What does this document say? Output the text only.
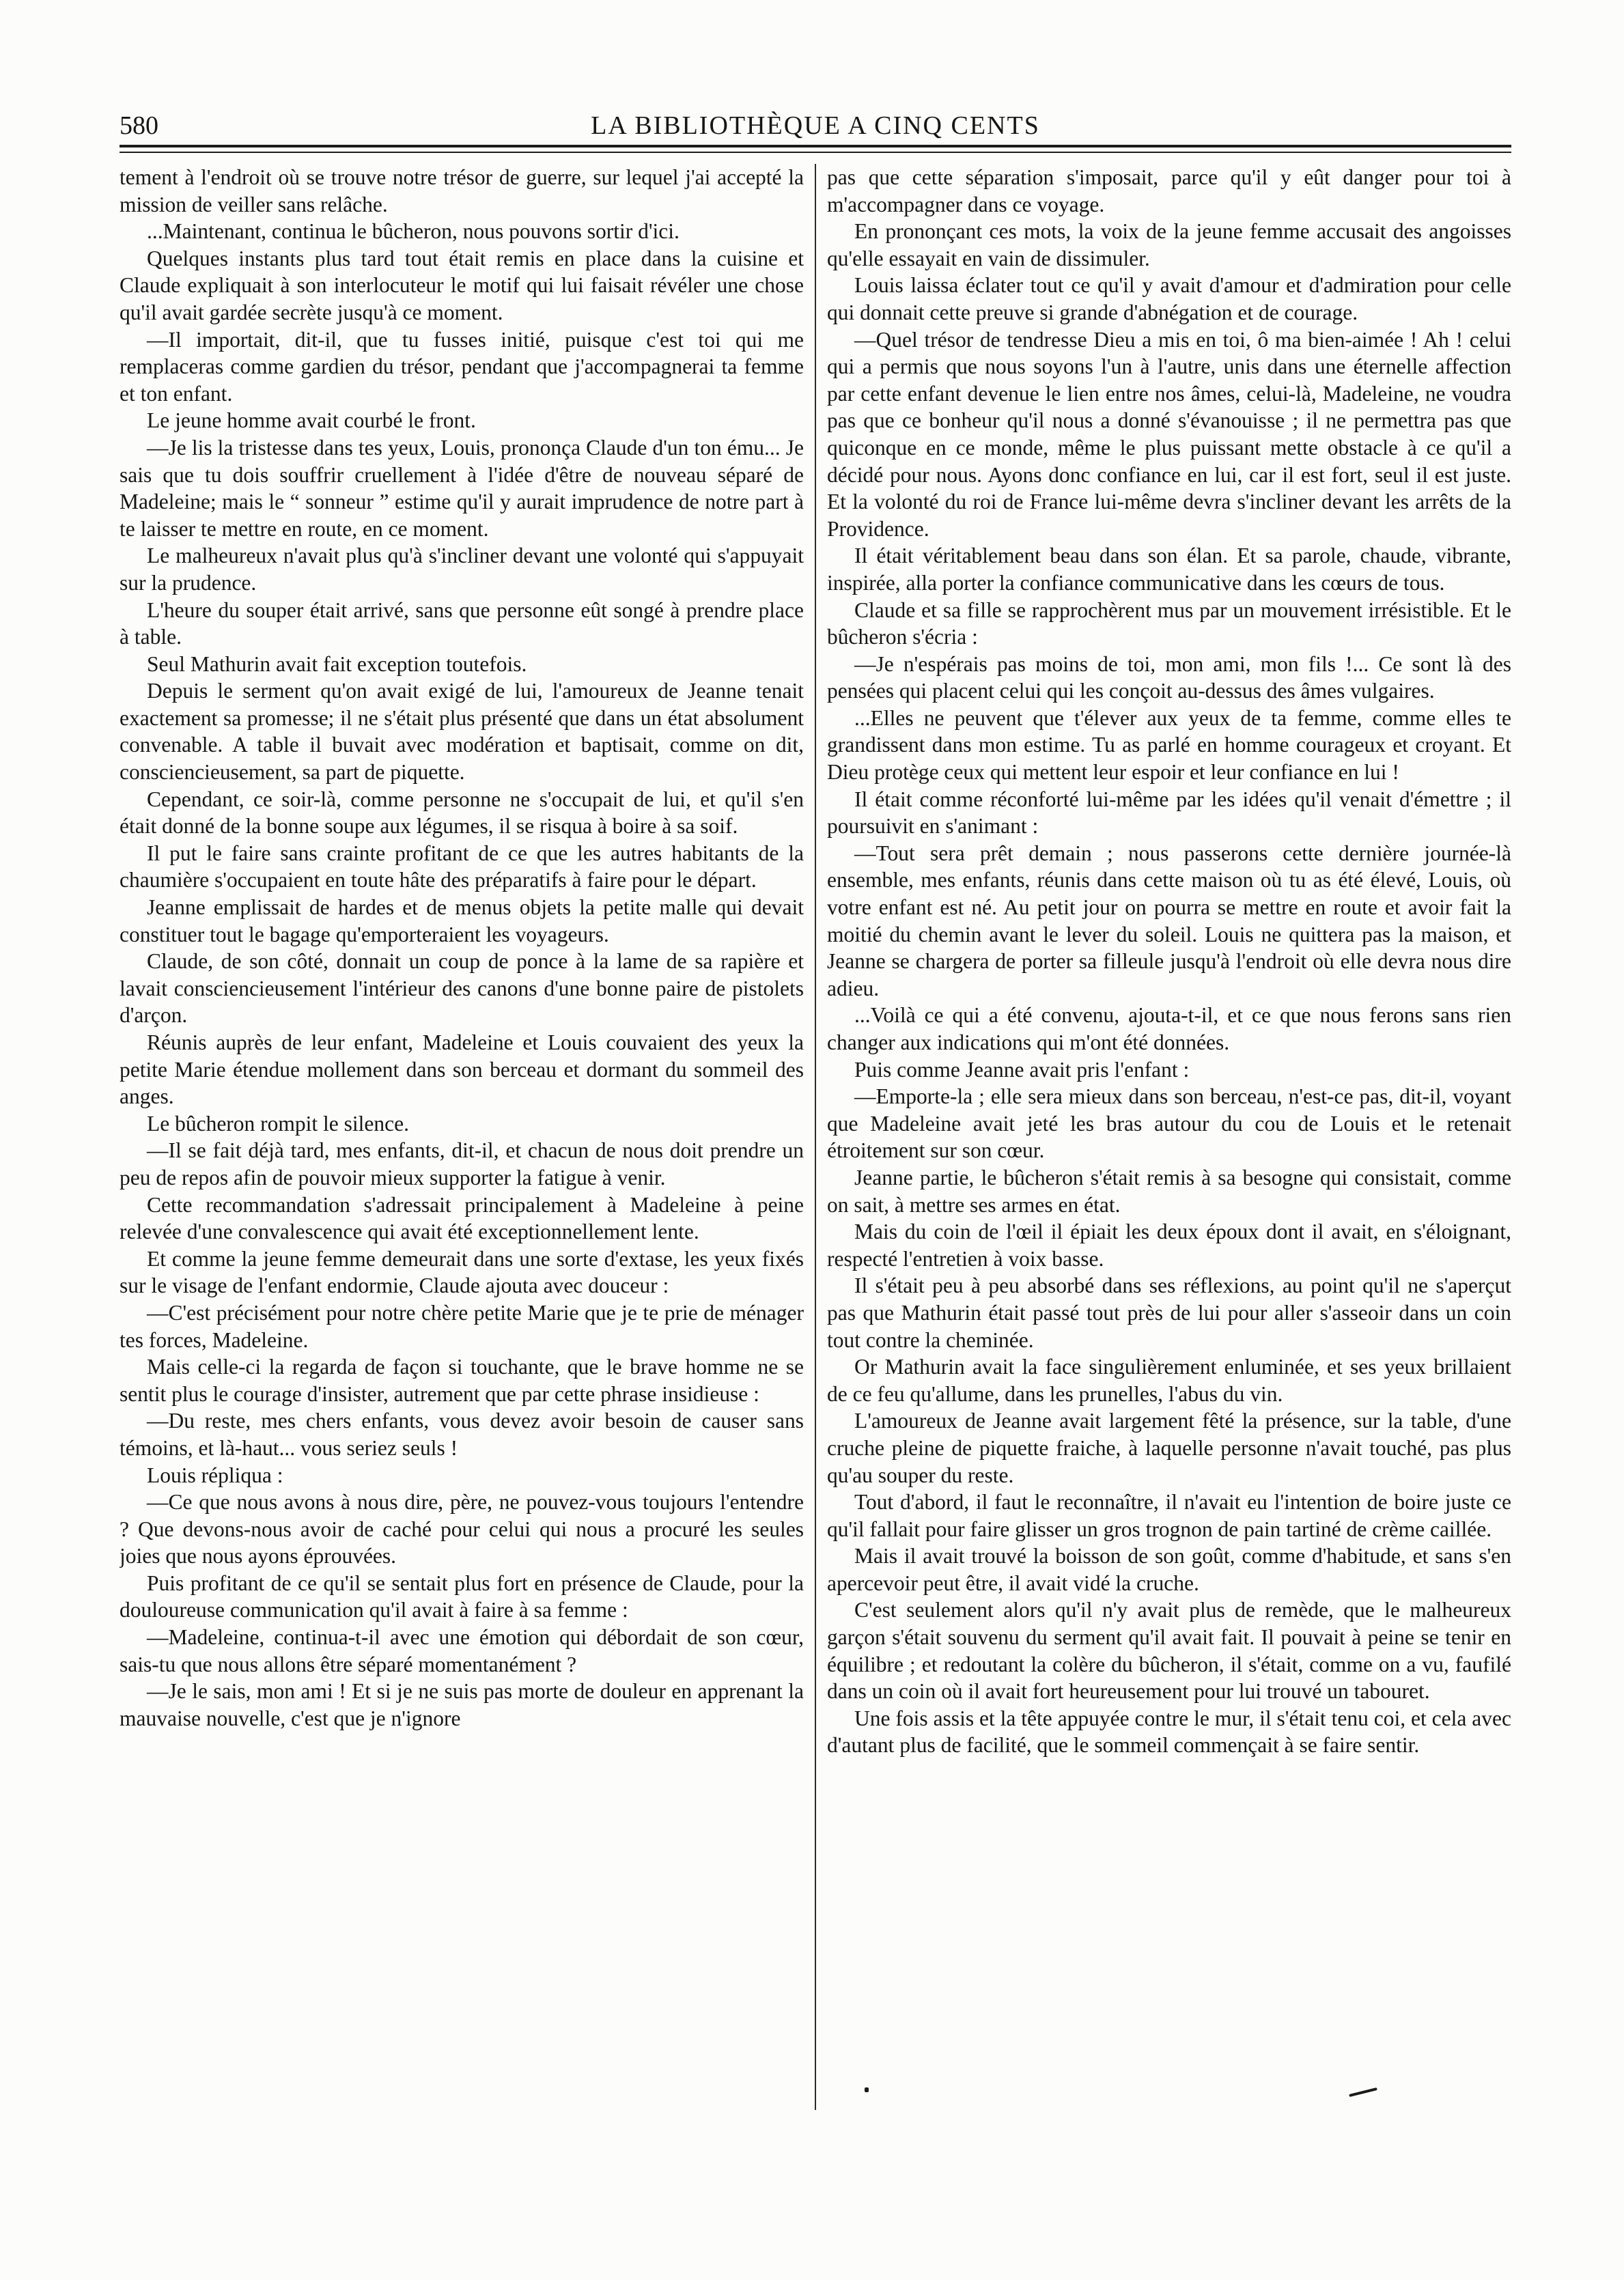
580	LA BIBLIOTHÈQUE A CINQ CENTS

tement à l'endroit où se trouve notre trésor de guerre, sur lequel j'ai accepté la mission de veiller sans relâche.

...Maintenant, continua le bûcheron, nous pouvons sortir d'ici.

Quelques instants plus tard tout était remis en place dans la cuisine et Claude expliquait à son interlocuteur le motif qui lui faisait révéler une chose qu'il avait gardée secrète jusqu'à ce moment.

—Il importait, dit-il, que tu fusses initié, puisque c'est toi qui me remplaceras comme gardien du trésor, pendant que j'accompagnerai ta femme et ton enfant.

Le jeune homme avait courbé le front.

—Je lis la tristesse dans tes yeux, Louis, prononça Claude d'un ton ému... Je sais que tu dois souffrir cruellement à l'idée d'être de nouveau séparé de Madeleine; mais le “ sonneur ” estime qu'il y aurait imprudence de notre part à te laisser te mettre en route, en ce moment.

Le malheureux n'avait plus qu'à s'incliner devant une volonté qui s'appuyait sur la prudence.

L'heure du souper était arrivé, sans que personne eût songé à prendre place à table.

Seul Mathurin avait fait exception toutefois.

Depuis le serment qu'on avait exigé de lui, l'amoureux de Jeanne tenait exactement sa promesse; il ne s'était plus présenté que dans un état absolument convenable. A table il buvait avec modération et baptisait, comme on dit, consciencieusement, sa part de piquette.

Cependant, ce soir-là, comme personne ne s'occupait de lui, et qu'il s'en était donné de la bonne soupe aux légumes, il se risqua à boire à sa soif.

Il put le faire sans crainte profitant de ce que les autres habitants de la chaumière s'occupaient en toute hâte des préparatifs à faire pour le départ.

Jeanne emplissait de hardes et de menus objets la petite malle qui devait constituer tout le bagage qu'emporteraient les voyageurs.

Claude, de son côté, donnait un coup de ponce à la lame de sa rapière et lavait consciencieusement l'intérieur des canons d'une bonne paire de pistolets d'arçon.

Réunis auprès de leur enfant, Madeleine et Louis couvaient des yeux la petite Marie étendue mollement dans son berceau et dormant du sommeil des anges.

Le bûcheron rompit le silence.

—Il se fait déjà tard, mes enfants, dit-il, et chacun de nous doit prendre un peu de repos afin de pouvoir mieux supporter la fatigue à venir.

Cette recommandation s'adressait principalement à Madeleine à peine relevée d'une convalescence qui avait été exceptionnellement lente.

Et comme la jeune femme demeurait dans une sorte d'extase, les yeux fixés sur le visage de l'enfant endormie, Claude ajouta avec douceur :

—C'est précisément pour notre chère petite Marie que je te prie de ménager tes forces, Madeleine.

Mais celle-ci la regarda de façon si touchante, que le brave homme ne se sentit plus le courage d'insister, autrement que par cette phrase insidieuse :

—Du reste, mes chers enfants, vous devez avoir besoin de causer sans témoins, et là-haut... vous seriez seuls !

Louis répliqua :

—Ce que nous avons à nous dire, père, ne pouvez-vous toujours l'entendre ? Que devons-nous avoir de caché pour celui qui nous a procuré les seules joies que nous ayons éprouvées.

Puis profitant de ce qu'il se sentait plus fort en présence de Claude, pour la douloureuse communication qu'il avait à faire à sa femme :

—Madeleine, continua-t-il avec une émotion qui débordait de son cœur, sais-tu que nous allons être séparé momentanément ?

—Je le sais, mon ami ! Et si je ne suis pas morte de douleur en apprenant la mauvaise nouvelle, c'est que je n'ignore

pas que cette séparation s'imposait, parce qu'il y eût danger pour toi à m'accompagner dans ce voyage.

En prononçant ces mots, la voix de la jeune femme accusait des angoisses qu'elle essayait en vain de dissimuler.

Louis laissa éclater tout ce qu'il y avait d'amour et d'admiration pour celle qui donnait cette preuve si grande d'abnégation et de courage.

—Quel trésor de tendresse Dieu a mis en toi, ô ma bien-aimée ! Ah ! celui qui a permis que nous soyons l'un à l'autre, unis dans une éternelle affection par cette enfant devenue le lien entre nos âmes, celui-là, Madeleine, ne voudra pas que ce bonheur qu'il nous a donné s'évanouisse ; il ne permettra pas que quiconque en ce monde, même le plus puissant mette obstacle à ce qu'il a décidé pour nous. Ayons donc confiance en lui, car il est fort, seul il est juste. Et la volonté du roi de France lui-même devra s'incliner devant les arrêts de la Providence.

Il était véritablement beau dans son élan. Et sa parole, chaude, vibrante, inspirée, alla porter la confiance communicative dans les cœurs de tous.

Claude et sa fille se rapprochèrent mus par un mouvement irrésistible. Et le bûcheron s'écria :

—Je n'espérais pas moins de toi, mon ami, mon fils !... Ce sont là des pensées qui placent celui qui les conçoit au-dessus des âmes vulgaires.

...Elles ne peuvent que t'élever aux yeux de ta femme, comme elles te grandissent dans mon estime. Tu as parlé en homme courageux et croyant. Et Dieu protège ceux qui mettent leur espoir et leur confiance en lui !

Il était comme réconforté lui-même par les idées qu'il venait d'émettre ; il poursuivit en s'animant :

—Tout sera prêt demain ; nous passerons cette dernière journée-là ensemble, mes enfants, réunis dans cette maison où tu as été élevé, Louis, où votre enfant est né. Au petit jour on pourra se mettre en route et avoir fait la moitié du chemin avant le lever du soleil. Louis ne quittera pas la maison, et Jeanne se chargera de porter sa filleule jusqu'à l'endroit où elle devra nous dire adieu.

...Voilà ce qui a été convenu, ajouta-t-il, et ce que nous ferons sans rien changer aux indications qui m'ont été données.

Puis comme Jeanne avait pris l'enfant :

—Emporte-la ; elle sera mieux dans son berceau, n'est-ce pas, dit-il, voyant que Madeleine avait jeté les bras autour du cou de Louis et le retenait étroitement sur son cœur.

Jeanne partie, le bûcheron s'était remis à sa besogne qui consistait, comme on sait, à mettre ses armes en état.

Mais du coin de l'œil il épiait les deux époux dont il avait, en s'éloignant, respecté l'entretien à voix basse.

Il s'était peu à peu absorbé dans ses réflexions, au point qu'il ne s'aperçut pas que Mathurin était passé tout près de lui pour aller s'asseoir dans un coin tout contre la cheminée.

Or Mathurin avait la face singulièrement enluminée, et ses yeux brillaient de ce feu qu'allume, dans les prunelles, l'abus du vin.

L'amoureux de Jeanne avait largement fêté la présence, sur la table, d'une cruche pleine de piquette fraiche, à laquelle personne n'avait touché, pas plus qu'au souper du reste.

Tout d'abord, il faut le reconnaître, il n'avait eu l'intention de boire juste ce qu'il fallait pour faire glisser un gros trognon de pain tartiné de crème caillée.

Mais il avait trouvé la boisson de son goût, comme d'habitude, et sans s'en apercevoir peut être, il avait vidé la cruche.

C'est seulement alors qu'il n'y avait plus de remède, que le malheureux garçon s'était souvenu du serment qu'il avait fait. Il pouvait à peine se tenir en équilibre ; et redoutant la colère du bûcheron, il s'était, comme on a vu, faufilé dans un coin où il avait fort heureusement pour lui trouvé un tabouret.

Une fois assis et la tête appuyée contre le mur, il s'était tenu coi, et cela avec d'autant plus de facilité, que le sommeil commençait à se faire sentir.
